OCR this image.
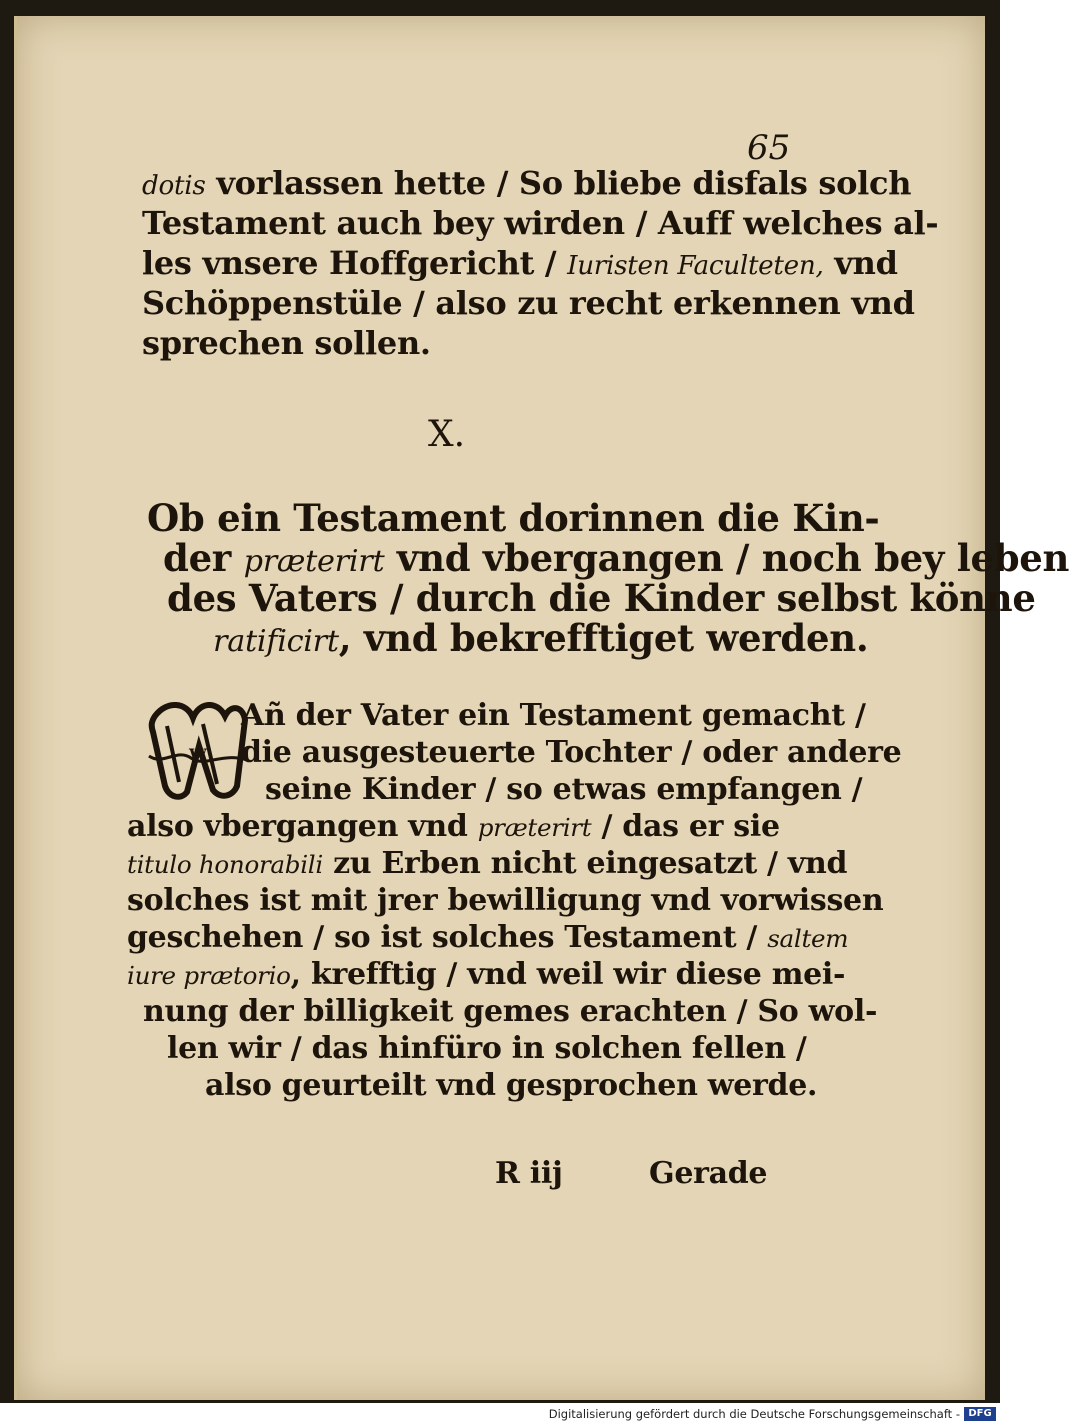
65
dotis vorlassen hette / So bliebe disfals solch
Testament auch bey wirden / Auff welches al‑
les vnsere Hoffgericht / Iuristen Faculteten, vnd
Schöppenstüle / also zu recht erkennen vnd
sprechen sollen.
X.
Ob ein Testament dorinnen die Kin‑
der præterirt vnd vbergangen / noch bey leben
des Vaters / durch die Kinder selbst könne
ratificirt, vnd bekrefftiget werden.
W
Añ der Vater ein Testament gemacht /
die ausgesteuerte Tochter / oder andere
seine Kinder / so etwas empfangen /
also vbergangen vnd præterirt / das er sie
titulo honorabili zu Erben nicht eingesatzt / vnd
solches ist mit jrer bewilligung vnd vorwissen
geschehen / so ist solches Testament / saltem
iure prætorio, krefftig / vnd weil wir diese mei‑
nung der billigkeit gemes erachten / So wol‑
len wir / das hinfüro in solchen fellen /
also geurteilt vnd gesprochen werde.
R iij	Gerade
Digitalisierung gefördert durch die Deutsche Forschungsgemeinschaft - DFG
